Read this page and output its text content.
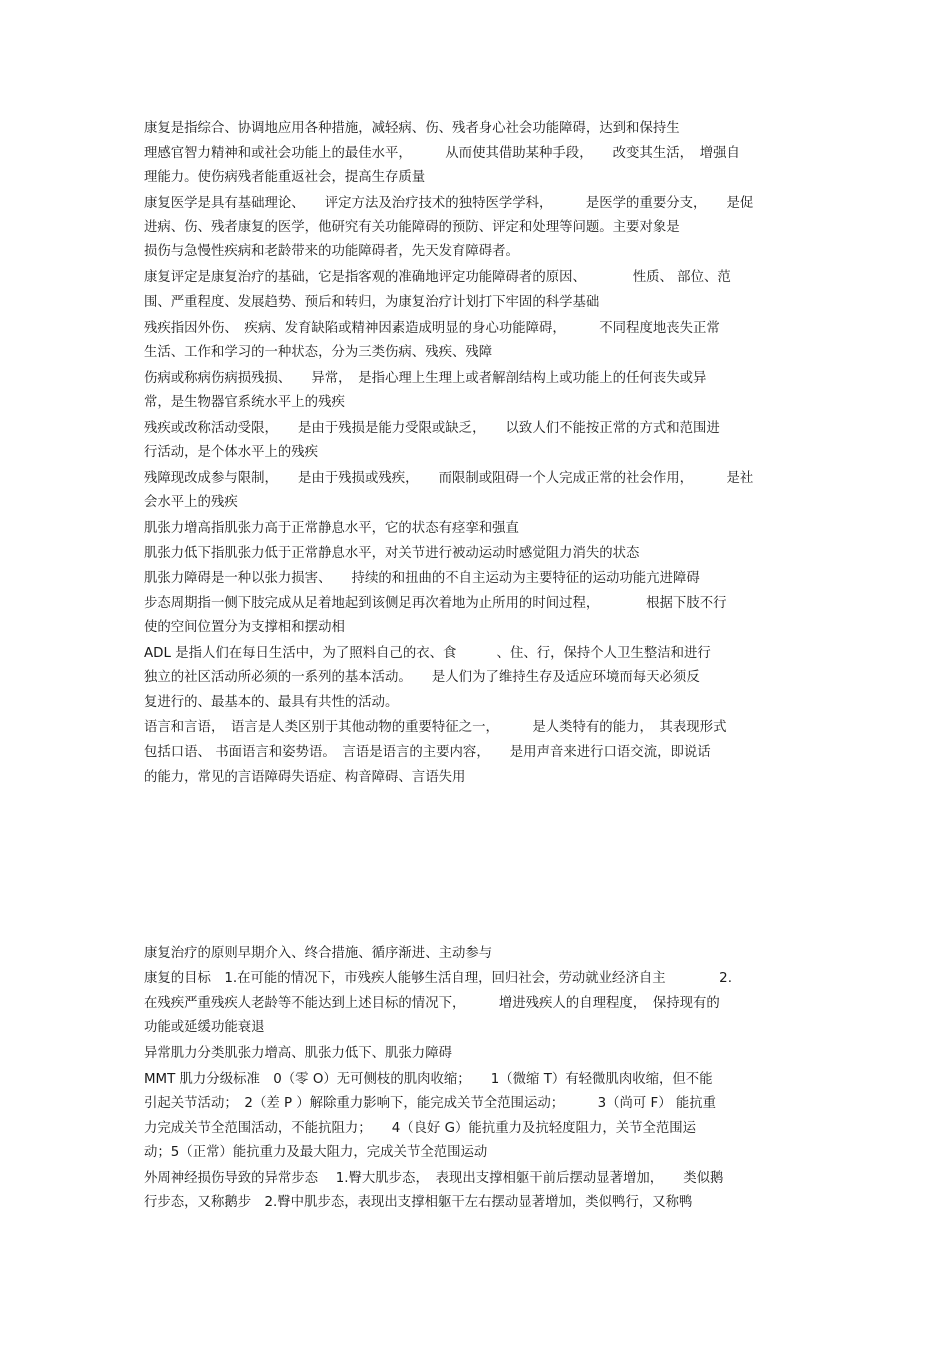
康复是指综合、协调地应用各种措施，减轻病、伤、残者身心社会功能障碍，达到和保持生
理感官智力精神和或社会功能上的最佳水平，　　　从而使其借助某种手段，　　改变其生活，　增强自
理能力。使伤病残者能重返社会，提高生存质量
康复医学是具有基础理论、　　评定方法及治疗技术的独特医学学科，　　　是医学的重要分支，　　是促
进病、伤、残者康复的医学，他研究有关功能障碍的预防、评定和处理等问题。主要对象是
损伤与急慢性疾病和老龄带来的功能障碍者，先天发育障碍者。
康复评定是康复治疗的基础，它是指客观的准确地评定功能障碍者的原因、　　　　性质、 部位、范
围、严重程度、发展趋势、预后和转归，为康复治疗计划打下牢固的科学基础
残疾指因外伤、　疾病、发育缺陷或精神因素造成明显的身心功能障碍，　　　不同程度地丧失正常
生活、工作和学习的一种状态，分为三类伤病、残疾、残障
伤病或称病伤病损残损、　　异常，　是指心理上生理上或者解剖结构上或功能上的任何丧失或异
常，是生物器官系统水平上的残疾
残疾或改称活动受限，　　是由于残损是能力受限或缺乏，　　以致人们不能按正常的方式和范围进
行活动，是个体水平上的残疾
残障现改成参与限制，　　是由于残损或残疾，　　而限制或阻碍一个人完成正常的社会作用，　　　是社
会水平上的残疾
肌张力增高指肌张力高于正常静息水平，它的状态有痉挛和强直
肌张力低下指肌张力低于正常静息水平，对关节进行被动运动时感觉阻力消失的状态
肌张力障碍是一种以张力损害、　　持续的和扭曲的不自主运动为主要特征的运动功能亢进障碍
步态周期指一侧下肢完成从足着地起到该侧足再次着地为止所用的时间过程，　　　　根据下肢不行
使的空间位置分为支撑相和摆动相
ADL 是指人们在每日生活中，为了照料自己的衣、食　　　、住、行，保持个人卫生整洁和进行
独立的社区活动所必须的一系列的基本活动。　　是人们为了维持生存及适应环境而每天必须反
复进行的、最基本的、最具有共性的活动。
语言和言语，　语言是人类区别于其他动物的重要特征之一，　　　是人类特有的能力，　其表现形式
包括口语、 书面语言和姿势语。　言语是语言的主要内容，　　是用声音来进行口语交流，即说话
的能力，常见的言语障碍失语症、构音障碍、言语失用
康复治疗的原则早期介入、终合措施、循序渐进、主动参与
康复的目标　1.在可能的情况下，市残疾人能够生活自理，回归社会，劳动就业经济自主　　　　2.
在残疾严重残疾人老龄等不能达到上述目标的情况下，　　　增进残疾人的自理程度，　保持现有的
功能或延缓功能衰退
异常肌力分类肌张力增高、肌张力低下、肌张力障碍
MMT 肌力分级标准　0（零 O）无可侧枝的肌肉收缩；　　1（微缩 T）有轻微肌肉收缩，但不能
引起关节活动；　2（差 P ）解除重力影响下，能完成关节全范围运动；　　　3（尚可 F） 能抗重
力完成关节全范围活动，不能抗阻力；　　4（良好 G）能抗重力及抗轻度阻力，关节全范围运
动；5（正常）能抗重力及最大阻力，完成关节全范围运动
外周神经损伤导致的异常步态　 1.臀大肌步态，　表现出支撑相躯干前后摆动显著增加，　　类似鹅
行步态，又称鹅步　2.臀中肌步态，表现出支撑相躯干左右摆动显著增加，类似鸭行，又称鸭
